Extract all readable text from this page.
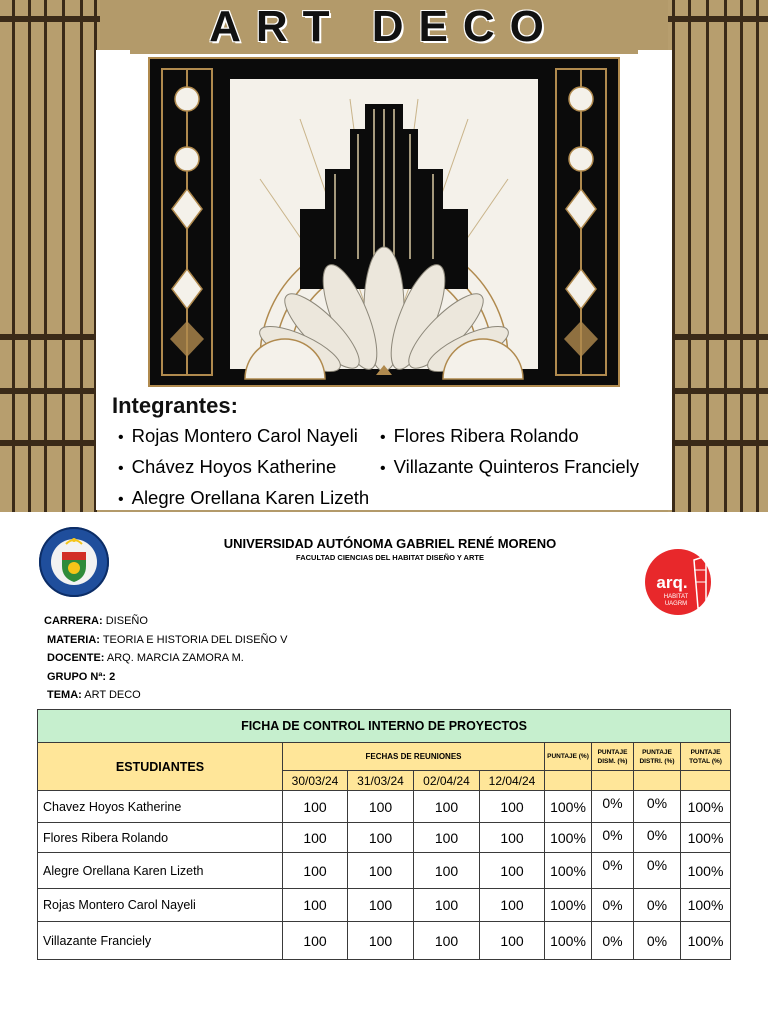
ART DECO
Integrantes:
• Rojas Montero Carol Nayeli
• Chávez Hoyos Katherine
• Alegre Orellana Karen Lizeth
• Flores Ribera Rolando
• Villazante Quinteros Franciely
UNIVERSIDAD AUTÓNOMA GABRIEL RENÉ MORENO
FACULTAD CIENCIAS DEL HABITAT DISEÑO Y ARTE
arq.
HABITAT
UAGRM
CARRERA: DISEÑO
MATERIA: TEORIA E HISTORIA DEL DISEÑO V
DOCENTE: ARQ. MARCIA ZAMORA M.
GRUPO Nª: 2
TEMA: ART DECO
FICHA DE CONTROL INTERNO DE PROYECTOS								
ESTUDIANTES	FECHAS DE REUNIONES				PUNTAJE (%)	PUNTAJE DISM. (%)	PUNTAJE DISTRI. (%)	PUNTAJE TOTAL (%)
	30/03/24	31/03/24	02/04/24	12/04/24				
Chavez Hoyos Katherine	100	100	100	100	100%	0%	0%	100%
Flores Ribera Rolando	100	100	100	100	100%	0%	0%	100%
Alegre Orellana Karen Lizeth	100	100	100	100	100%	0%	0%	100%
Rojas Montero Carol Nayeli	100	100	100	100	100%	0%	0%	100%
Villazante Franciely	100	100	100	100	100%	0%	0%	100%
